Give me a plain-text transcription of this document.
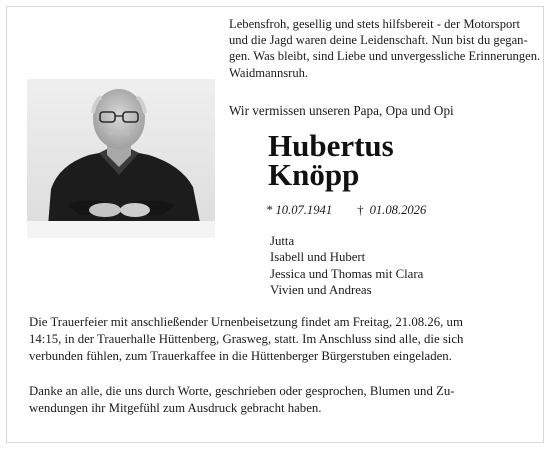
Lebensfroh, gesellig und stets hilfsbereit - der Motorsport
und die Jagd waren deine Leidenschaft. Nun bist du gegan-
gen. Was bleibt, sind Liebe und unvergessliche Erinnerungen.
Waidmannsruh.

Wir vermissen unseren Papa, Opa und Opi

Hubertus
Knöpp

* 10.07.1941 † 01.08.2026

Jutta
Isabell und Hubert
Jessica und Thomas mit Clara
Vivien und Andreas

Die Trauerfeier mit anschließender Urnenbeisetzung findet am Freitag, 21.08.26, um
14:15, in der Trauerhalle Hüttenberg, Grasweg, statt. Im Anschluss sind alle, die sich
verbunden fühlen, zum Trauerkaffee in die Hüttenberger Bürgerstuben eingeladen.

Danke an alle, die uns durch Worte, geschrieben oder gesprochen, Blumen und Zu-
wendungen ihr Mitgefühl zum Ausdruck gebracht haben.
